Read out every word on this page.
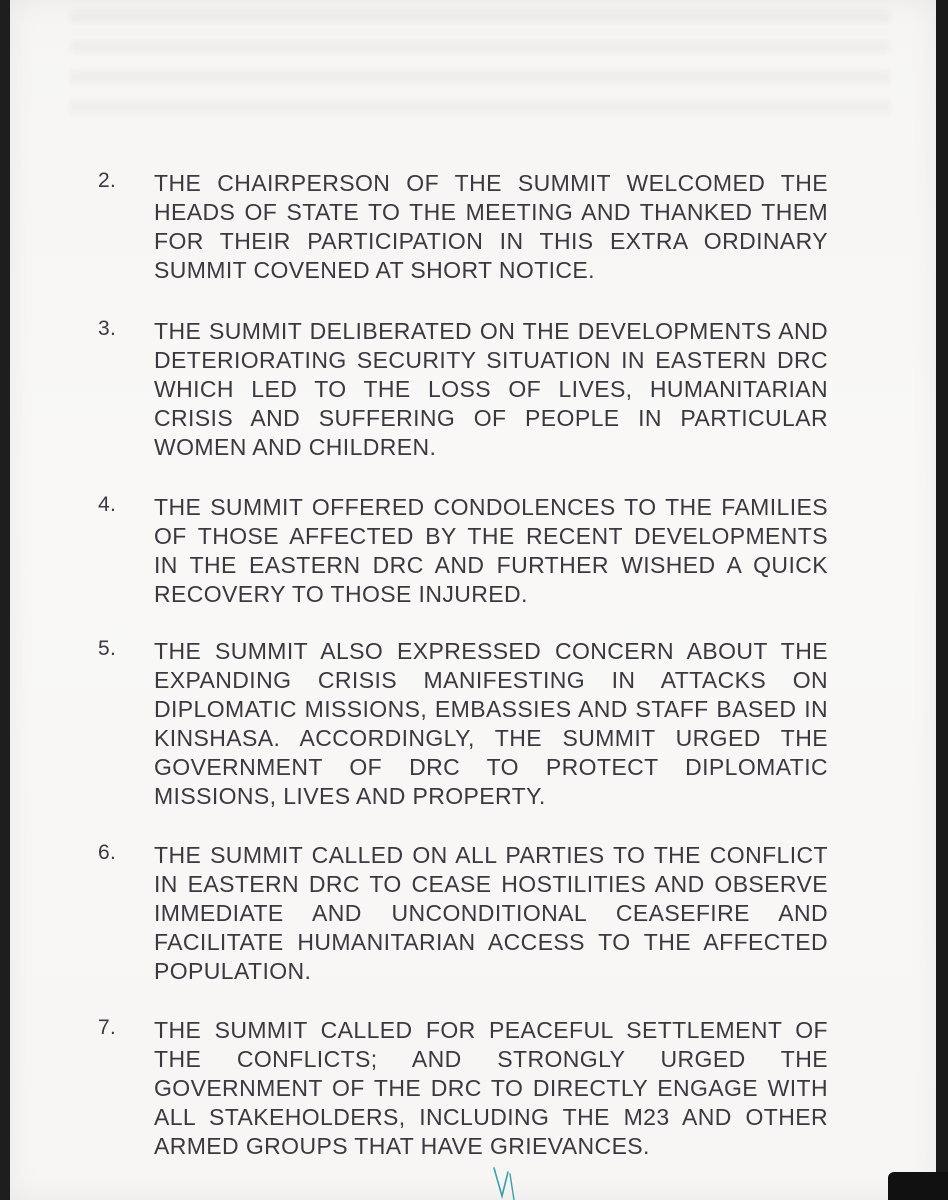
2. THE CHAIRPERSON OF THE SUMMIT WELCOMED THE HEADS OF STATE TO THE MEETING AND THANKED THEM FOR THEIR PARTICIPATION IN THIS EXTRA ORDINARY SUMMIT COVENED AT SHORT NOTICE.
3. THE SUMMIT DELIBERATED ON THE DEVELOPMENTS AND DETERIORATING SECURITY SITUATION IN EASTERN DRC WHICH LED TO THE LOSS OF LIVES, HUMANITARIAN CRISIS AND SUFFERING OF PEOPLE IN PARTICULAR WOMEN AND CHILDREN.
4. THE SUMMIT OFFERED CONDOLENCES TO THE FAMILIES OF THOSE AFFECTED BY THE RECENT DEVELOPMENTS IN THE EASTERN DRC AND FURTHER WISHED A QUICK RECOVERY TO THOSE INJURED.
5. THE SUMMIT ALSO EXPRESSED CONCERN ABOUT THE EXPANDING CRISIS MANIFESTING IN ATTACKS ON DIPLOMATIC MISSIONS, EMBASSIES AND STAFF BASED IN KINSHASA. ACCORDINGLY, THE SUMMIT URGED THE GOVERNMENT OF DRC TO PROTECT DIPLOMATIC MISSIONS, LIVES AND PROPERTY.
6. THE SUMMIT CALLED ON ALL PARTIES TO THE CONFLICT IN EASTERN DRC TO CEASE HOSTILITIES AND OBSERVE IMMEDIATE AND UNCONDITIONAL CEASEFIRE AND FACILITATE HUMANITARIAN ACCESS TO THE AFFECTED POPULATION.
7. THE SUMMIT CALLED FOR PEACEFUL SETTLEMENT OF THE CONFLICTS; AND STRONGLY URGED THE GOVERNMENT OF THE DRC TO DIRECTLY ENGAGE WITH ALL STAKEHOLDERS, INCLUDING THE M23 AND OTHER ARMED GROUPS THAT HAVE GRIEVANCES.
